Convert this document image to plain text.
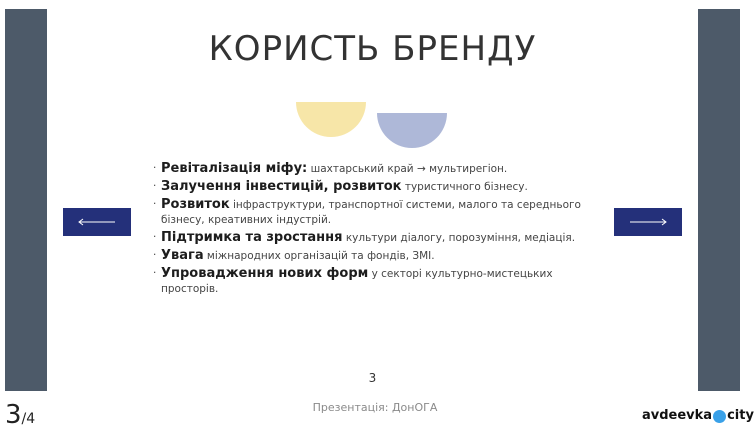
КОРИСТЬ БРЕНДУ
· Ревіталізація міфу: шахтарський край → мультирегіон.
· Залучення інвестицій, розвиток туристичного бізнесу.
· Розвиток інфраструктури, транспортної системи, малого та середнього бізнесу, креативних індустрій.
· Підтримка та зростання культури діалогу, порозуміння, медіація.
· Увага міжнародних організацій та фондів, ЗМІ.
· Упровадження нових форм у секторі культурно-мистецьких просторів.
3
3/4
Презентація: ДонОГА
avdeevka city
